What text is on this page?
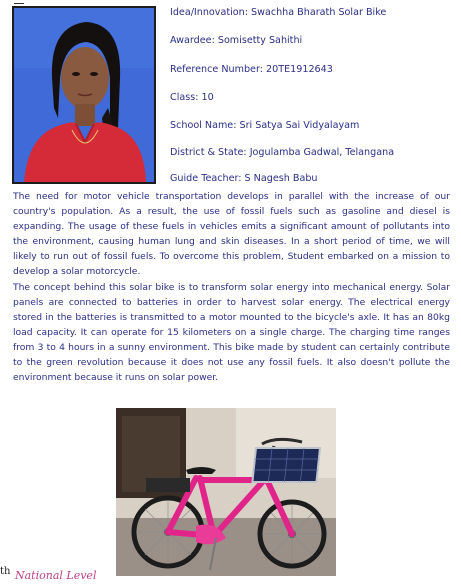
Idea/Innovation: Swachha Bharath Solar Bike
Awardee: Somisetty Sahithi
Reference Number: 20TE1912643
Class: 10
School Name: Sri Satya Sai Vidyalayam
District & State: Jogulamba Gadwal, Telangana
Guide Teacher: S Nagesh Babu

The need for motor vehicle transportation develops in parallel with the increase of our country's population. As a result, the use of fossil fuels such as gasoline and diesel is expanding. The usage of these fuels in vehicles emits a significant amount of pollutants into the environment, causing human lung and skin diseases. In a short period of time, we will likely to run out of fossil fuels. To overcome this problem, Student embarked on a mission to develop a solar motorcycle.

The concept behind this solar bike is to transform solar energy into mechanical energy. Solar panels are connected to batteries in order to harvest solar energy. The electrical energy stored in the batteries is transmitted to a motor mounted to the bicycle's axle. It has an 80kg load capacity. It can operate for 15 kilometers on a single charge. The charging time ranges from 3 to 4 hours in a sunny environment. This bike made by student can certainly contribute to the green revolution because it does not use any fossil fuels. It also doesn't pollute the environment because it runs on solar power.

th National Level
